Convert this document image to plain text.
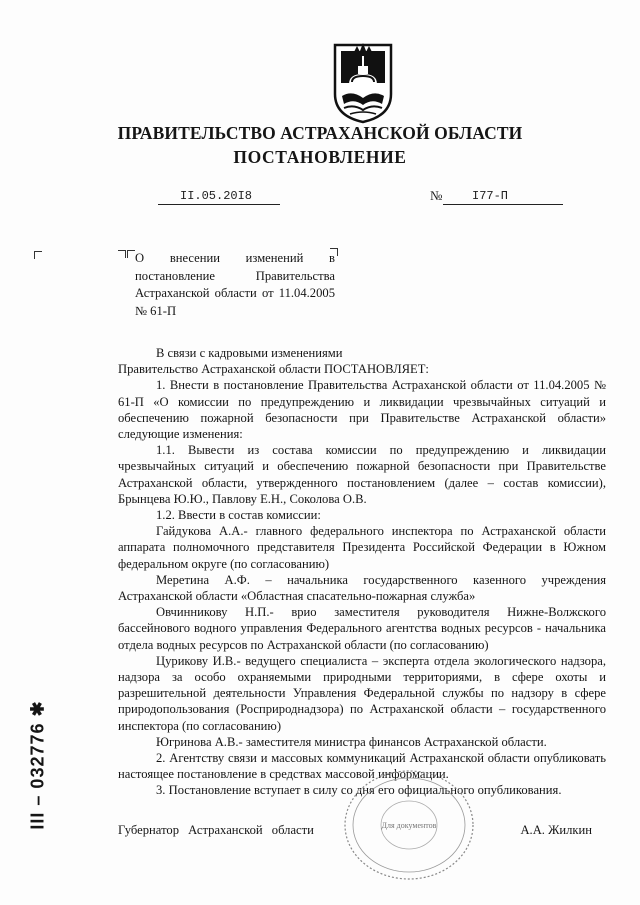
ПРАВИТЕЛЬСТВО АСТРАХАНСКОЙ ОБЛАСТИ
ПОСТАНОВЛЕНИЕ
II.05.20I8	№ I77-П
О внесении изменений в постановление Правительства Астраханской области от 11.04.2005 № 61-П

В связи с кадровыми изменениями

Правительство Астраханской области ПОСТАНОВЛЯЕТ:

1. Внести в постановление Правительства Астраханской области от 11.04.2005 № 61-П «О комиссии по предупреждению и ликвидации чрезвычайных ситуаций и обеспечению пожарной безопасности при Правительстве Астраханской области» следующие изменения:

1.1. Вывести из состава комиссии по предупреждению и ликвидации чрезвычайных ситуаций и обеспечению пожарной безопасности при Правительстве Астраханской области, утвержденного постановлением (далее – состав комиссии), Брынцева Ю.Ю., Павлову Е.Н., Соколова О.В.

1.2. Ввести в состав комиссии:

Гайдукова А.А.- главного федерального инспектора по Астраханской области аппарата полномочного представителя Президента Российской Федерации в Южном федеральном округе (по согласованию)

Меретина А.Ф. – начальника государственного казенного учреждения Астраханской области «Областная спасательно-пожарная служба»

Овчинникову Н.П.- врио заместителя руководителя Нижне-Волжского бассейнового водного управления Федерального агентства водных ресурсов - начальника отдела водных ресурсов по Астраханской области (по согласованию)

Цурикову И.В.- ведущего специалиста – эксперта отдела экологического надзора, надзора за особо охраняемыми природными территориями, в сфере охоты и разрешительной деятельности Управления Федеральной службы по надзору в сфере природопользования (Росприроднадзора) по Астраханской области – государственного инспектора (по согласованию)

Югринова А.В.- заместителя министра финансов Астраханской области.

2. Агентству связи и массовых коммуникаций Астраханской области опубликовать настоящее постановление в средствах массовой информации.

3. Постановление вступает в силу со дня его официального опубликования.

Для документов
Губернатор Астраханской области	А.А. Жилкин
III – 032776 ✱
